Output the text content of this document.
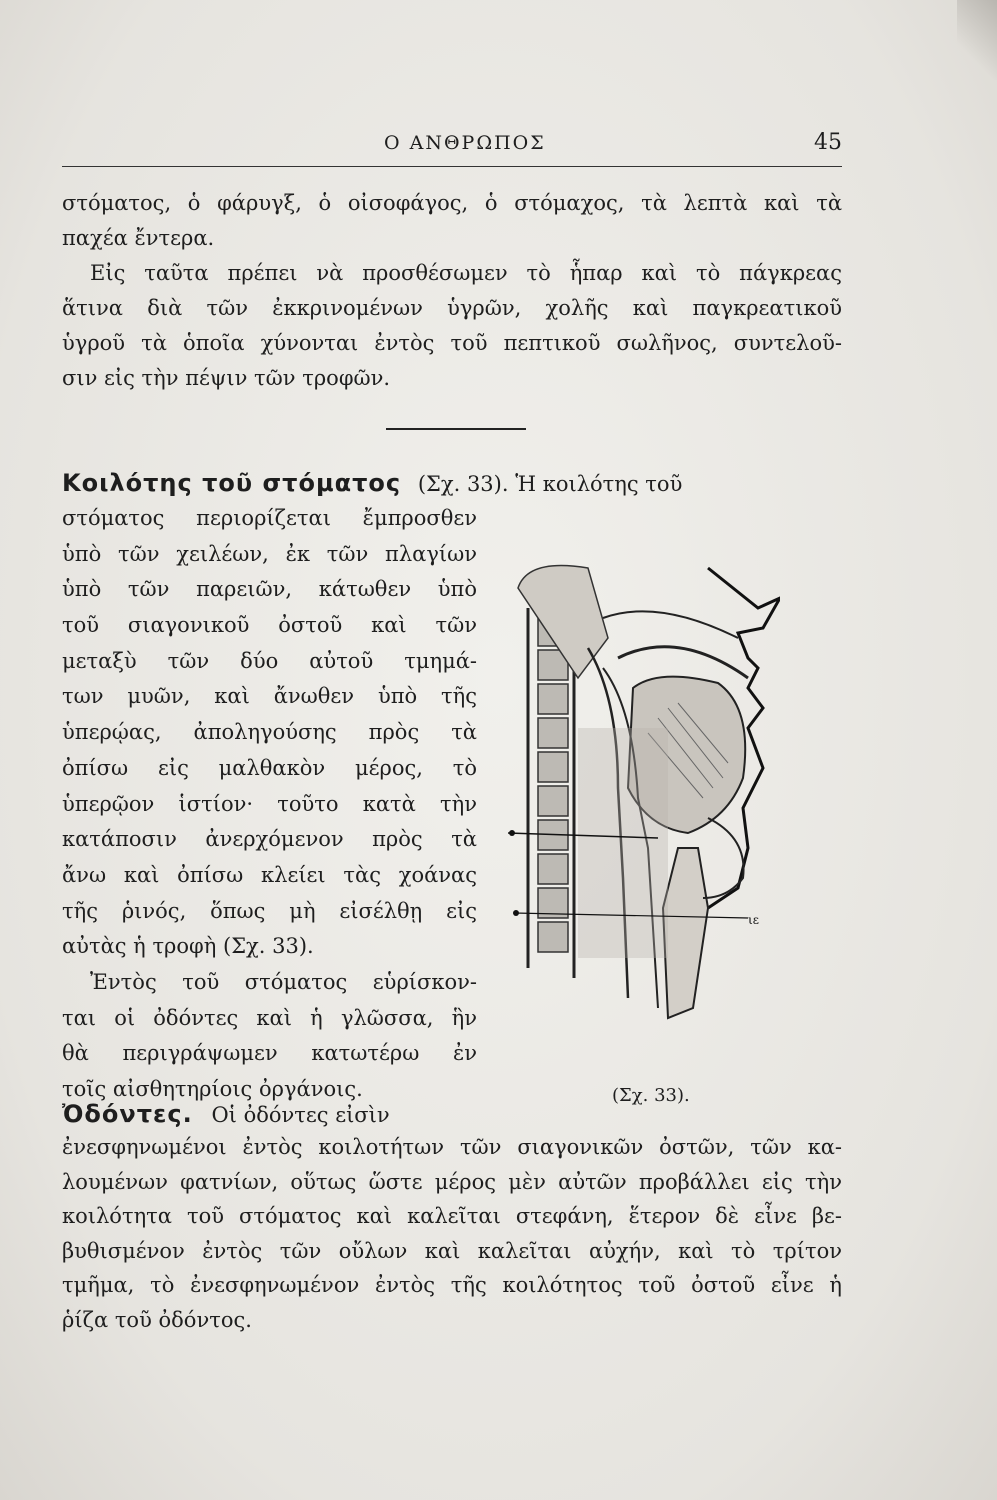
Ο ΑΝΘΡΩΠΟΣ	45
στόματος, ὁ φάρυγξ, ὁ οἰσοφάγος, ὁ στόμαχος, τὰ λεπτὰ καὶ τὰ
παχέα ἔντερα.
Εἰς ταῦτα πρέπει νὰ προσθέσωμεν τὸ ἧπαρ καὶ τὸ πάγκρεας
ἅτινα διὰ τῶν ἐκκρινομένων ὑγρῶν, χολῆς καὶ παγκρεατικοῦ
ὑγροῦ τὰ ὁποῖα χύνονται ἐντὸς τοῦ πεπτικοῦ σωλῆνος, συντελοῦ-
σιν εἰς τὴν πέψιν τῶν τροφῶν.
Κοιλότης τοῦ στόματος (Σχ. 33). Ἡ κοιλότης τοῦ
στόματος περιορίζεται ἔμπροσθεν
ὑπὸ τῶν χειλέων, ἐκ τῶν πλαγίων
ὑπὸ τῶν παρειῶν, κάτωθεν ὑπὸ
τοῦ σιαγονικοῦ ὀστοῦ καὶ τῶν
μεταξὺ τῶν δύο αὐτοῦ τμημά-
των μυῶν, καὶ ἄνωθεν ὑπὸ τῆς
ὑπερῴας, ἀποληγούσης πρὸς τὰ
ὀπίσω εἰς μαλθακὸν μέρος, τὸ
ὑπερῷον ἱστίον· τοῦτο κατὰ τὴν
κατάποσιν ἀνερχόμενον πρὸς τὰ
ἄνω καὶ ὀπίσω κλείει τὰς χοάνας
τῆς ῥινός, ὅπως μὴ εἰσέλθῃ εἰς
αὐτὰς ἡ τροφὴ (Σχ. 33).
Ἐντὸς τοῦ στόματος εὑρίσκον-
ται οἱ ὀδόντες καὶ ἡ γλῶσσα, ἣν
θὰ περιγράψωμεν κατωτέρω ἐν
τοῖς αἰσθητηρίοις ὀργάνοις.
ιε
(Σχ. 33).
Ὀδόντες. Οἱ ὀδόντες εἰσὶν
ἐνεσφηνωμένοι ἐντὸς κοιλοτήτων τῶν σιαγονικῶν ὀστῶν, τῶν κα-
λουμένων φατνίων, οὕτως ὥστε μέρος μὲν αὐτῶν προβάλλει εἰς τὴν
κοιλότητα τοῦ στόματος καὶ καλεῖται στεφάνη, ἕτερον δὲ εἶνε βε-
βυθισμένον ἐντὸς τῶν οὔλων καὶ καλεῖται αὐχήν, καὶ τὸ τρίτον
τμῆμα, τὸ ἐνεσφηνωμένον ἐντὸς τῆς κοιλότητος τοῦ ὀστοῦ εἶνε ἡ
ῥίζα τοῦ ὀδόντος.
